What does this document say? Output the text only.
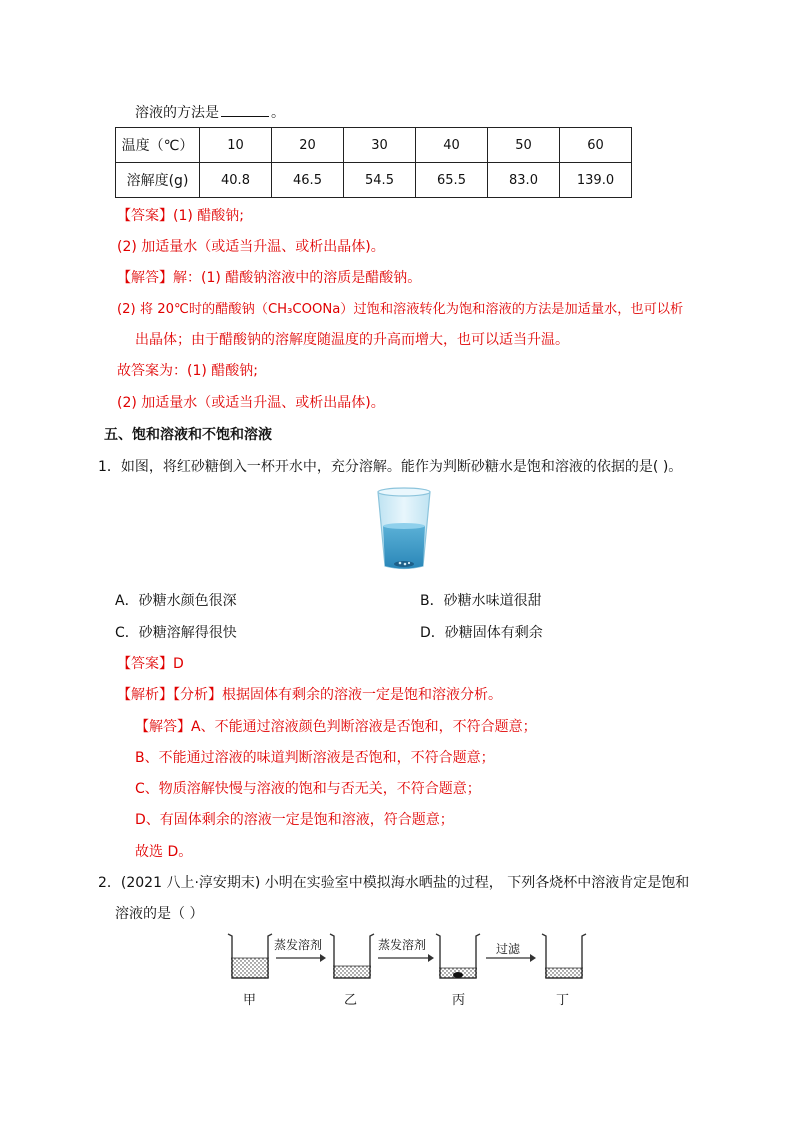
溶液的方法是	。
温度（℃）	10	20	30	40	50	60
溶解度(g)	40.8	46.5	54.5	65.5	83.0	139.0
【答案】(1) 醋酸钠;
(2) 加适量水（或适当升温、或析出晶体)。
【解答】解：(1) 醋酸钠溶液中的溶质是醋酸钠。
(2) 将 20℃时的醋酸钠（CH₃COONa）过饱和溶液转化为饱和溶液的方法是加适量水，也可以析
出晶体；由于醋酸钠的溶解度随温度的升高而增大，也可以适当升温。
故答案为：(1) 醋酸钠;
(2) 加适量水（或适当升温、或析出晶体)。
五、饱和溶液和不饱和溶液
1．如图，将红砂糖倒入一杯开水中，充分溶解。能作为判断砂糖水是饱和溶液的依据的是( )。
A．砂糖水颜色很深	B．砂糖水味道很甜
C．砂糖溶解得很快	D．砂糖固体有剩余
【答案】D
【解析】【分析】根据固体有剩余的溶液一定是饱和溶液分析。
【解答】A、不能通过溶液颜色判断溶液是否饱和，不符合题意；
B、不能通过溶液的味道判断溶液是否饱和，不符合题意；
C、物质溶解快慢与溶液的饱和与否无关，不符合题意；
D、有固体剩余的溶液一定是饱和溶液，符合题意；
故选 D。
2．(2021 八上·淳安期末) 小明在实验室中模拟海水晒盐的过程， 下列各烧杯中溶液肯定是饱和
溶液的是（ ）
蒸发溶剂	蒸发溶剂	过滤
甲	乙	丙	丁
